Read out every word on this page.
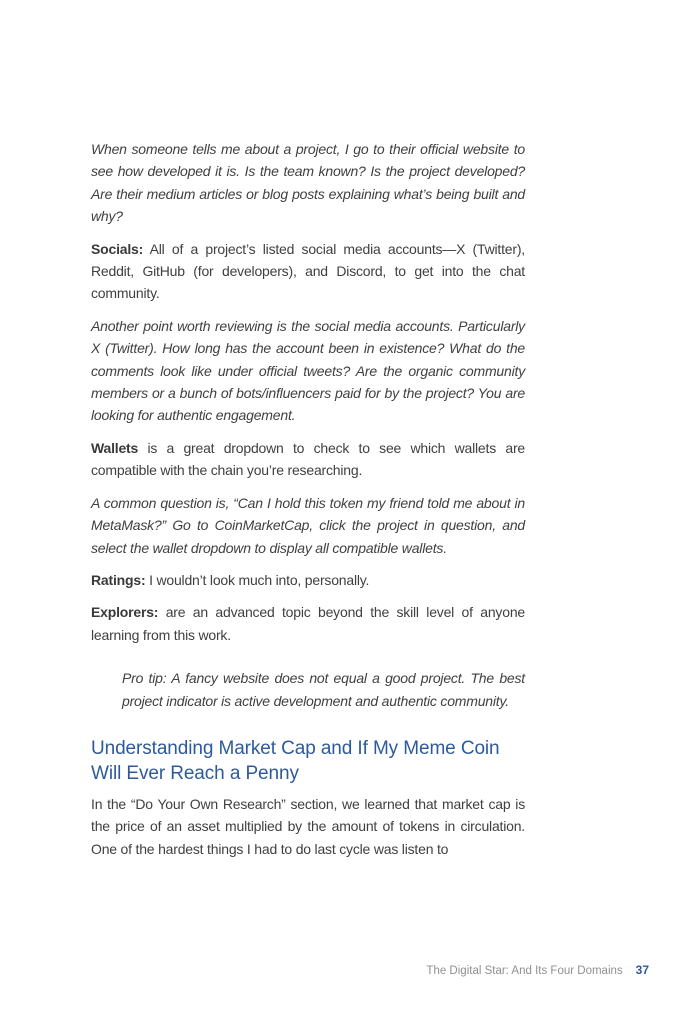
When someone tells me about a project, I go to their official website to see how developed it is. Is the team known? Is the project developed? Are their medium articles or blog posts explaining what’s being built and why?

Socials: All of a project’s listed social media accounts—X (Twitter), Reddit, GitHub (for developers), and Discord, to get into the chat community.

Another point worth reviewing is the social media accounts. Particularly X (Twitter). How long has the account been in existence? What do the comments look like under official tweets? Are the organic community members or a bunch of bots/influencers paid for by the project? You are looking for authentic engagement.

Wallets is a great dropdown to check to see which wallets are compatible with the chain you’re researching.

A common question is, “Can I hold this token my friend told me about in MetaMask?” Go to CoinMarketCap, click the project in question, and select the wallet dropdown to display all compatible wallets.

Ratings: I wouldn’t look much into, personally.

Explorers: are an advanced topic beyond the skill level of anyone learning from this work.

Pro tip: A fancy website does not equal a good project. The best project indicator is active development and authentic community.

Understanding Market Cap and If My Meme Coin Will Ever Reach a Penny

In the “Do Your Own Research” section, we learned that market cap is the price of an asset multiplied by the amount of tokens in circulation. One of the hardest things I had to do last cycle was listen to

The Digital Star: And Its Four Domains 37
